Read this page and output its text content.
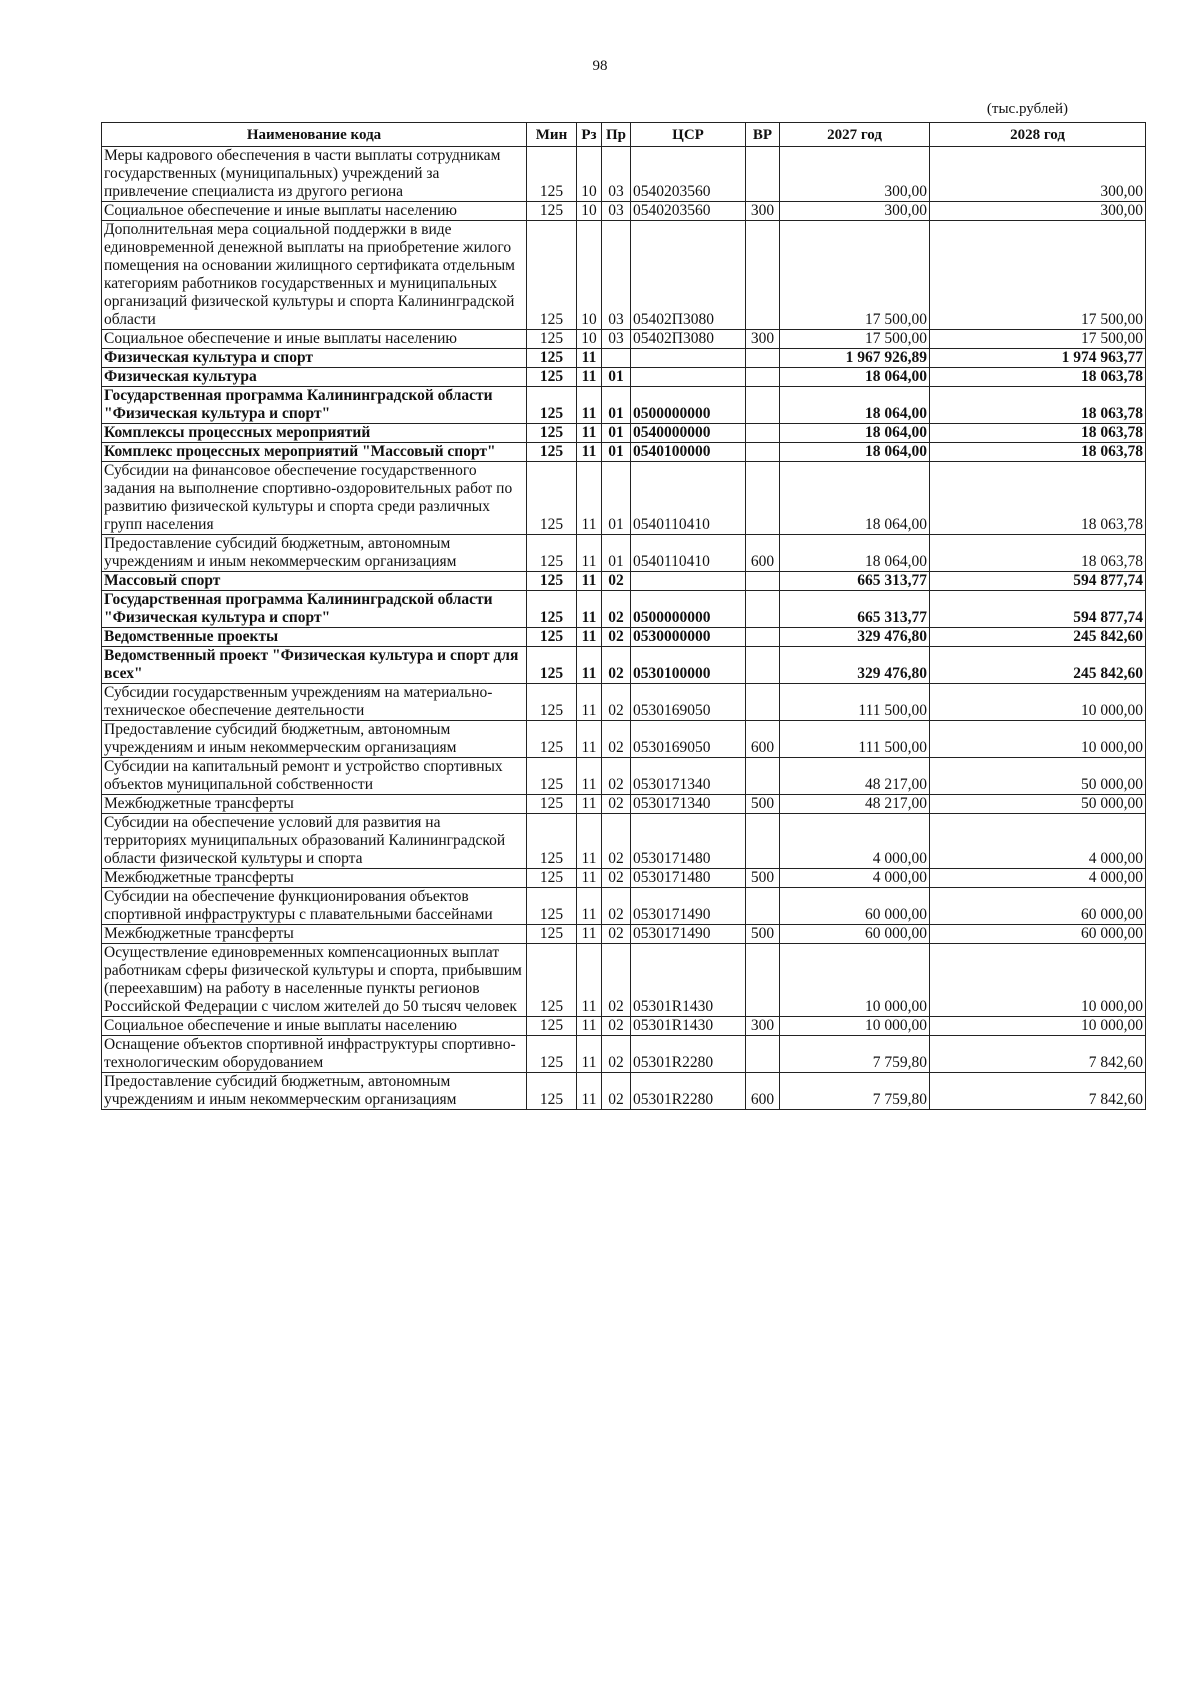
98
(тыс.рублей)
Наименование кода	Мин	Рз	Пр	ЦСР	ВР	2027 год	2028 год
Меры кадрового обеспечения в части выплаты сотрудникам государственных (муниципальных) учреждений за привлечение специалиста из другого региона	125	10	03	0540203560		300,00	300,00
Социальное обеспечение и иные выплаты населению	125	10	03	0540203560	300	300,00	300,00
Дополнительная мера социальной поддержки в виде единовременной денежной выплаты на приобретение жилого помещения на основании жилищного сертификата отдельным категориям работников государственных и муниципальных организаций физической культуры и спорта Калининградской области	125	10	03	05402П3080		17 500,00	17 500,00
Социальное обеспечение и иные выплаты населению	125	10	03	05402П3080	300	17 500,00	17 500,00
Физическая культура и спорт	125	11				1 967 926,89	1 974 963,77
Физическая культура	125	11	01			18 064,00	18 063,78
Государственная программа Калининградской области "Физическая культура и спорт"	125	11	01	0500000000		18 064,00	18 063,78
Комплексы процессных мероприятий	125	11	01	0540000000		18 064,00	18 063,78
Комплекс процессных мероприятий "Массовый спорт"	125	11	01	0540100000		18 064,00	18 063,78
Субсидии на финансовое обеспечение государственного задания на выполнение спортивно-оздоровительных работ по развитию физической культуры и спорта среди различных групп населения	125	11	01	0540110410		18 064,00	18 063,78
Предоставление субсидий бюджетным, автономным учреждениям и иным некоммерческим организациям	125	11	01	0540110410	600	18 064,00	18 063,78
Массовый спорт	125	11	02			665 313,77	594 877,74
Государственная программа Калининградской области "Физическая культура и спорт"	125	11	02	0500000000		665 313,77	594 877,74
Ведомственные проекты	125	11	02	0530000000		329 476,80	245 842,60
Ведомственный проект "Физическая культура и спорт для всех"	125	11	02	0530100000		329 476,80	245 842,60
Субсидии государственным учреждениям на материально-техническое обеспечение деятельности	125	11	02	0530169050		111 500,00	10 000,00
Предоставление субсидий бюджетным, автономным учреждениям и иным некоммерческим организациям	125	11	02	0530169050	600	111 500,00	10 000,00
Субсидии на капитальный ремонт и устройство спортивных объектов муниципальной собственности	125	11	02	0530171340		48 217,00	50 000,00
Межбюджетные трансферты	125	11	02	0530171340	500	48 217,00	50 000,00
Субсидии на обеспечение условий для развития на территориях муниципальных образований Калининградской области физической культуры и спорта	125	11	02	0530171480		4 000,00	4 000,00
Межбюджетные трансферты	125	11	02	0530171480	500	4 000,00	4 000,00
Субсидии на обеспечение функционирования объектов спортивной инфраструктуры с плавательными бассейнами	125	11	02	0530171490		60 000,00	60 000,00
Межбюджетные трансферты	125	11	02	0530171490	500	60 000,00	60 000,00
Осуществление единовременных компенсационных выплат работникам сферы физической культуры и спорта, прибывшим (переехавшим) на работу в населенные пункты регионов Российской Федерации с числом жителей до 50 тысяч человек	125	11	02	05301R1430		10 000,00	10 000,00
Социальное обеспечение и иные выплаты населению	125	11	02	05301R1430	300	10 000,00	10 000,00
Оснащение объектов спортивной инфраструктуры спортивно-технологическим оборудованием	125	11	02	05301R2280		7 759,80	7 842,60
Предоставление субсидий бюджетным, автономным учреждениям и иным некоммерческим организациям	125	11	02	05301R2280	600	7 759,80	7 842,60
